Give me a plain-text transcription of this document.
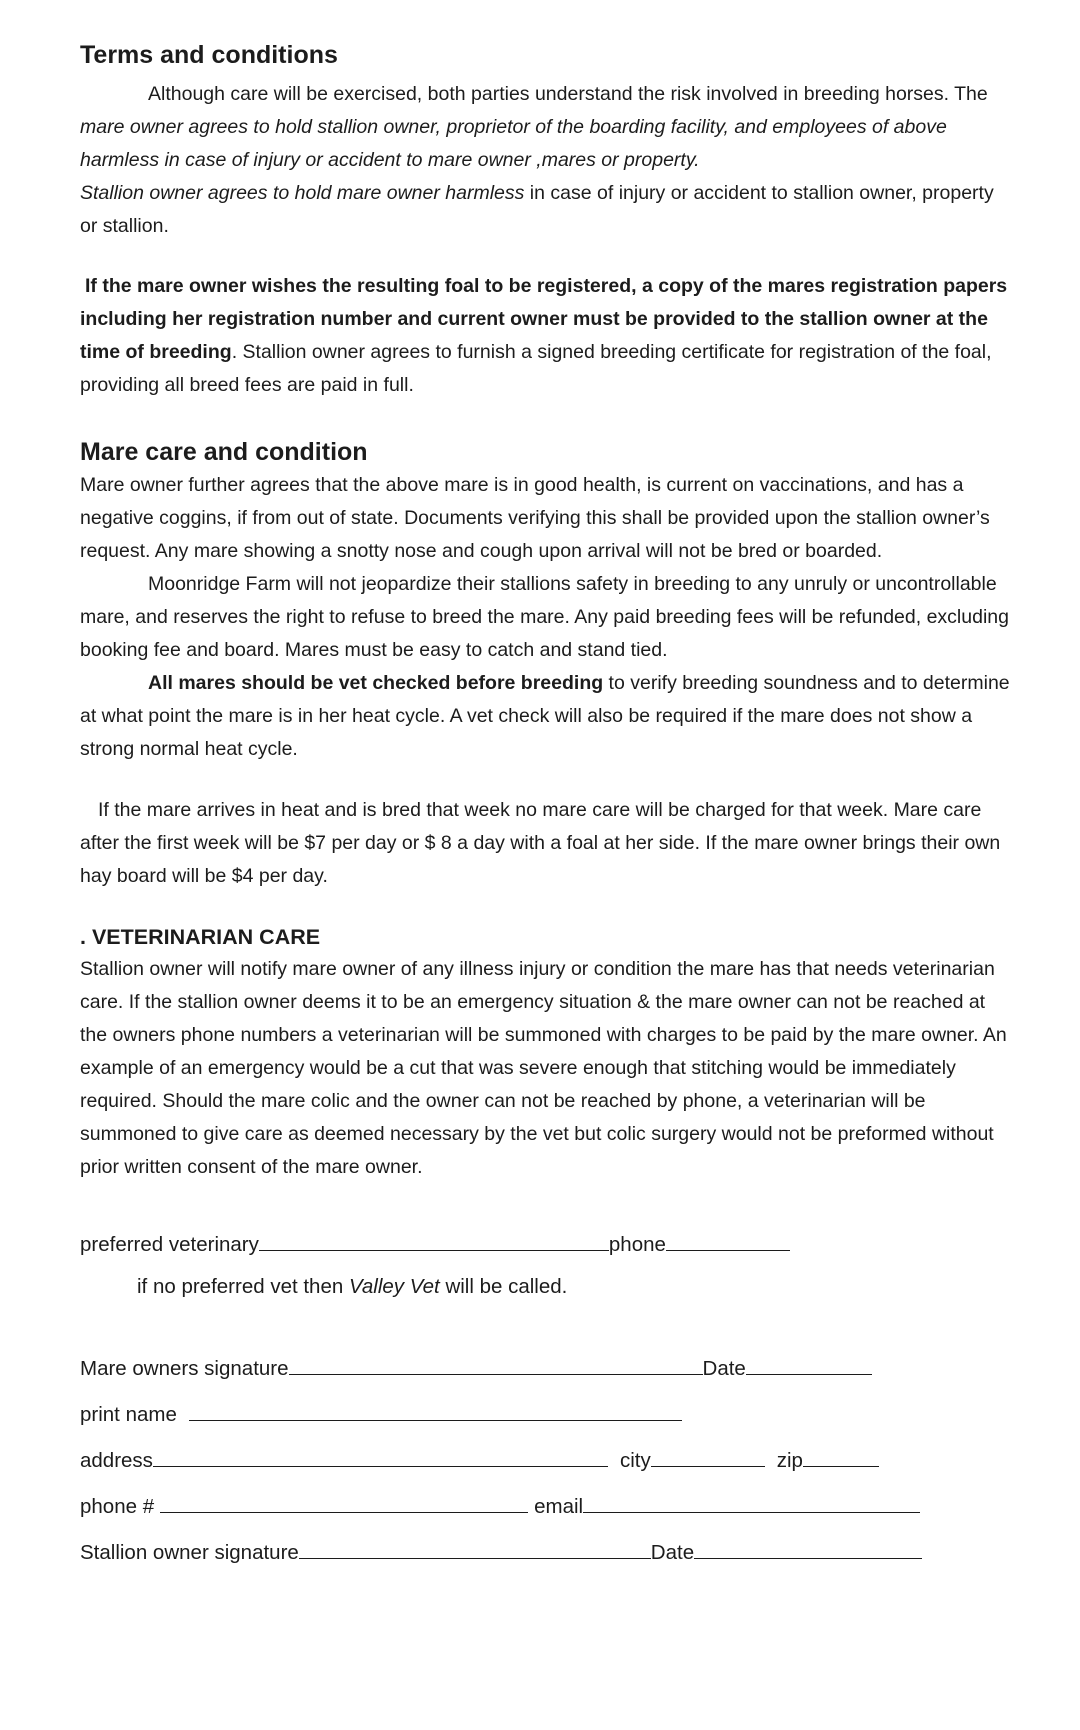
Terms and conditions

Although care will be exercised, both parties understand the risk involved in breeding horses. The mare owner agrees to hold stallion owner, proprietor of the boarding facility, and employees of above harmless in case of injury or accident to mare owner ,mares or property.
Stallion owner agrees to hold mare owner harmless in case of injury or accident to stallion owner, property or stallion.

If the mare owner wishes the resulting foal to be registered, a copy of the mares registration papers including her registration number and current owner must be provided to the stallion owner at the time of breeding. Stallion owner agrees to furnish a signed breeding certificate for registration of the foal, providing all breed fees are paid in full.

Mare care and condition

Mare owner further agrees that the above mare is in good health, is current on vaccinations, and has a negative coggins, if from out of state. Documents verifying this shall be provided upon the stallion owner’s request. Any mare showing a snotty nose and cough upon arrival will not be bred or boarded.

Moonridge Farm will not jeopardize their stallions safety in breeding to any unruly or uncontrollable mare, and reserves the right to refuse to breed the mare. Any paid breeding fees will be refunded, excluding booking fee and board. Mares must be easy to catch and stand tied.

All mares should be vet checked before breeding to verify breeding soundness and to determine at what point the mare is in her heat cycle. A vet check will also be required if the mare does not show a strong normal heat cycle.

If the mare arrives in heat and is bred that week no mare care will be charged for that week. Mare care after the first week will be $7 per day or $ 8 a day with a foal at her side. If the mare owner brings their own hay board will be $4 per day.

. VETERINARIAN CARE

Stallion owner will notify mare owner of any illness injury or condition the mare has that needs veterinarian care. If the stallion owner deems it to be an emergency situation & the mare owner can not be reached at the owners phone numbers a veterinarian will be summoned with charges to be paid by the mare owner. An example of an emergency would be a cut that was severe enough that stitching would be immediately required. Should the mare colic and the owner can not be reached by phone, a veterinarian will be summoned to give care as deemed necessary by the vet but colic surgery would not be preformed without prior written consent of the mare owner.

preferred veterinary	phone
if no preferred vet then Valley Vet will be called.
Mare owners signature	Date
print name
address	city	zip
phone #	email
Stallion owner signature	Date
